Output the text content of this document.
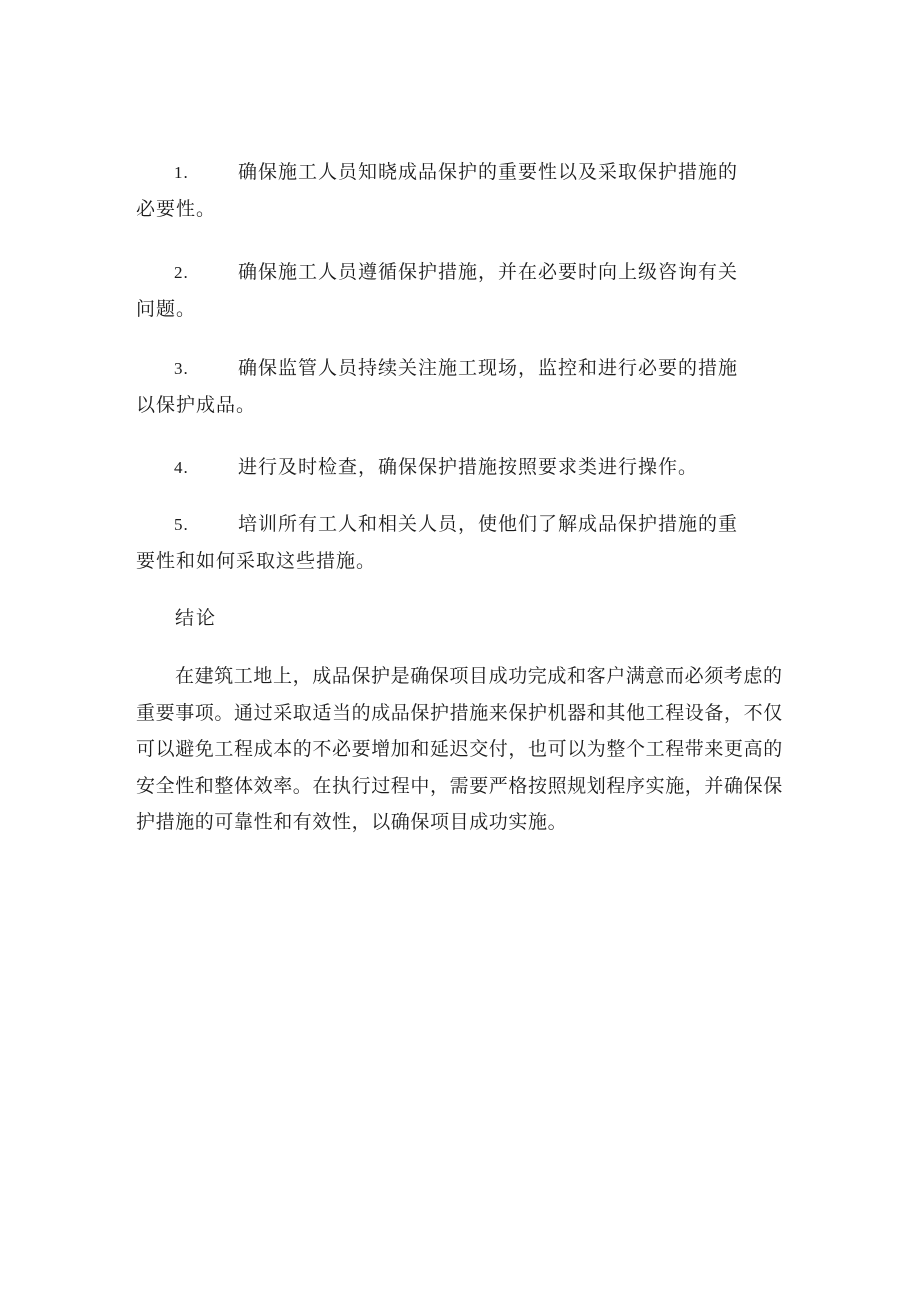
1.	确保施工人员知晓成品保护的重要性以及采取保护措施的
必要性。
2.	确保施工人员遵循保护措施，并在必要时向上级咨询有关
问题。
3.	确保监管人员持续关注施工现场，监控和进行必要的措施
以保护成品。
4.	进行及时检查，确保保护措施按照要求类进行操作。
5.	培训所有工人和相关人员，使他们了解成品保护措施的重
要性和如何采取这些措施。
结论
在建筑工地上，成品保护是确保项目成功完成和客户满意而必须考虑的
重要事项。通过采取适当的成品保护措施来保护机器和其他工程设备，不仅
可以避免工程成本的不必要增加和延迟交付，也可以为整个工程带来更高的
安全性和整体效率。在执行过程中，需要严格按照规划程序实施，并确保保
护措施的可靠性和有效性，以确保项目成功实施。
